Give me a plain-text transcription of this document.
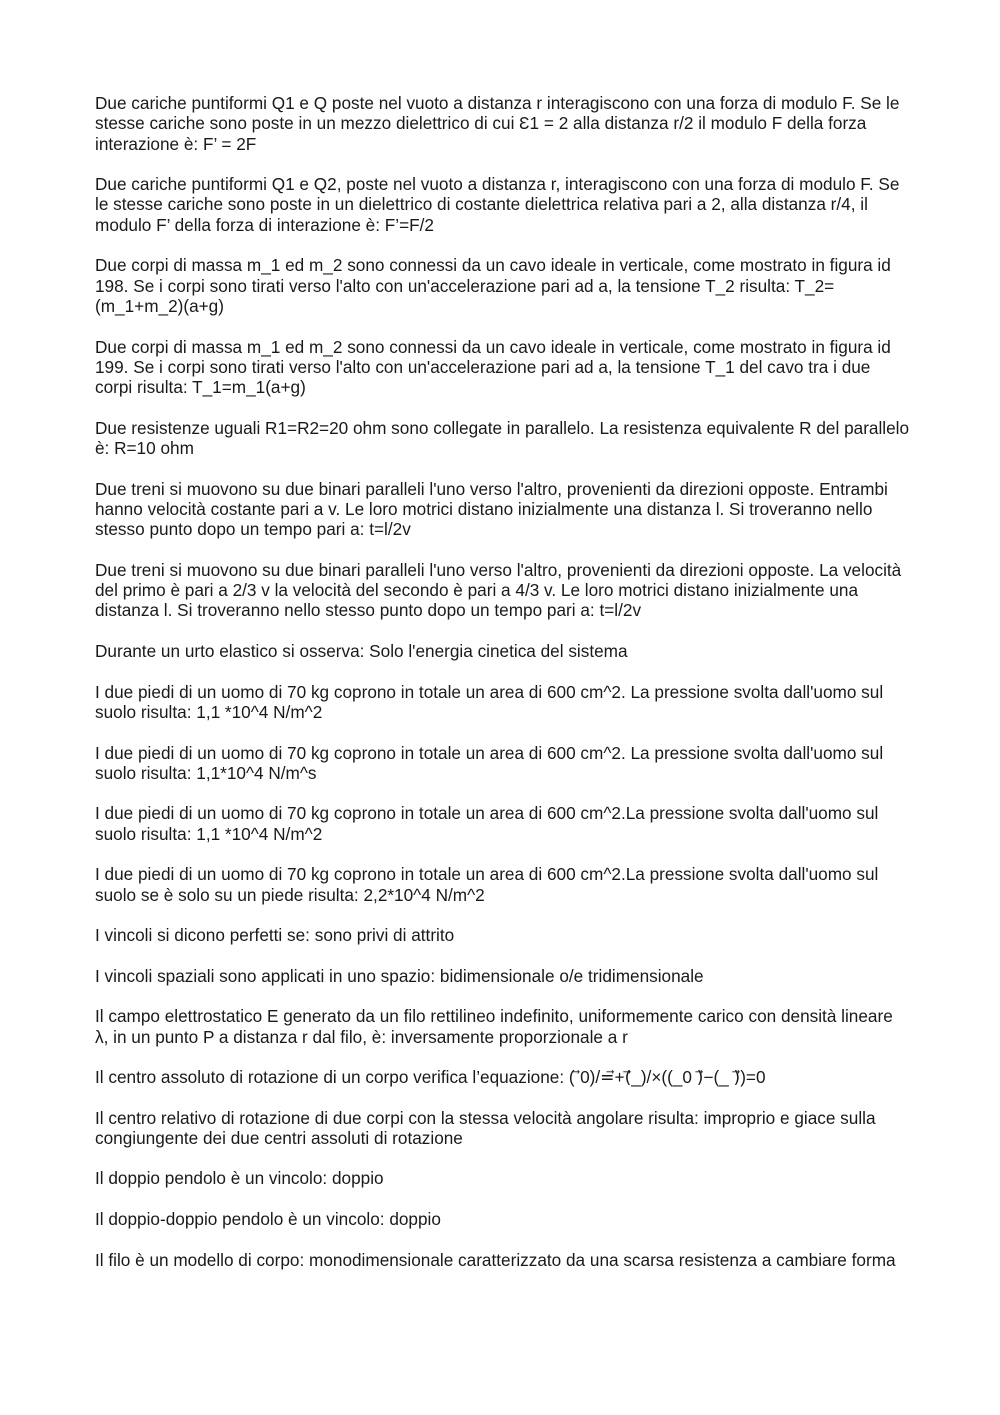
Due cariche puntiformi Q1 e Q poste nel vuoto a distanza r interagiscono con una forza di modulo F. Se le stesse cariche sono poste in un mezzo dielettrico di cui Ɛ1 = 2 alla distanza r/2 il modulo F della forza interazione è: F’ = 2F

Due cariche puntiformi Q1 e Q2, poste nel vuoto a distanza r, interagiscono con una forza di modulo F. Se le stesse cariche sono poste in un dielettrico di costante dielettrica relativa pari a 2, alla distanza r/4, il modulo F’ della forza di interazione è: F’=F/2

Due corpi di massa m_1 ed m_2 sono connessi da un cavo ideale in verticale, come mostrato in figura id 198. Se i corpi sono tirati verso l'alto con un'accelerazione pari ad a, la tensione T_2 risulta: T_2=(m_1+m_2)(a+g)

Due corpi di massa m_1 ed m_2 sono connessi da un cavo ideale in verticale, come mostrato in figura id 199. Se i corpi sono tirati verso l'alto con un'accelerazione pari ad a, la tensione T_1 del cavo tra i due corpi risulta: T_1=m_1(a+g)

Due resistenze uguali R1=R2=20 ohm sono collegate in parallelo. La resistenza equivalente R del parallelo è: R=10 ohm

Due treni si muovono su due binari paralleli l'uno verso l'altro, provenienti da direzioni opposte. Entrambi hanno velocità costante pari a v. Le loro motrici distano inizialmente una distanza l. Si troveranno nello stesso punto dopo un tempo pari a: t=l/2v

Due treni si muovono su due binari paralleli l'uno verso l'altro, provenienti da direzioni opposte. La velocità del primo è pari a 2/3 v la velocità del secondo è pari a 4/3 v. Le loro motrici distano inizialmente una distanza l. Si troveranno nello stesso punto dopo un tempo pari a: t=l/2v

Durante un urto elastico si osserva: Solo l'energia cinetica del sistema

I due piedi di un uomo di 70 kg coprono in totale un area di 600 cm^2. La pressione svolta dall'uomo sul suolo risulta: 1,1 *10^4 N/m^2

I due piedi di un uomo di 70 kg coprono in totale un area di 600 cm^2. La pressione svolta dall'uomo sul suolo risulta: 1,1*10^4 N/m^s

I due piedi di un uomo di 70 kg coprono in totale un area di 600 cm^2.La pressione svolta dall'uomo sul suolo risulta: 1,1 *10^4 N/m^2

I due piedi di un uomo di 70 kg coprono in totale un area di 600 cm^2.La pressione svolta dall'uomo sul suolo se è solo su un piede risulta: 2,2*10^4 N/m^2

I vincoli si dicono perfetti se: sono privi di attrito

I vincoli spaziali sono applicati in uno spazio: bidimensionale o/e tridimensionale

Il campo elettrostatico E generato da un filo rettilineo indefinito, uniformemente carico con densità lineare λ, in un punto P a distanza r dal filo, è: inversamente proporzionale a r

Il centro assoluto di rotazione di un corpo verifica l’equazione: ( ⃗0)/=⃗+(⃗_)/×((_0 )⃗−(_ )⃗)=0

Il centro relativo di rotazione di due corpi con la stessa velocità angolare risulta: improprio e giace sulla congiungente dei due centri assoluti di rotazione

Il doppio pendolo è un vincolo: doppio

Il doppio-doppio pendolo è un vincolo: doppio

Il filo è un modello di corpo: monodimensionale caratterizzato da una scarsa resistenza a cambiare forma
